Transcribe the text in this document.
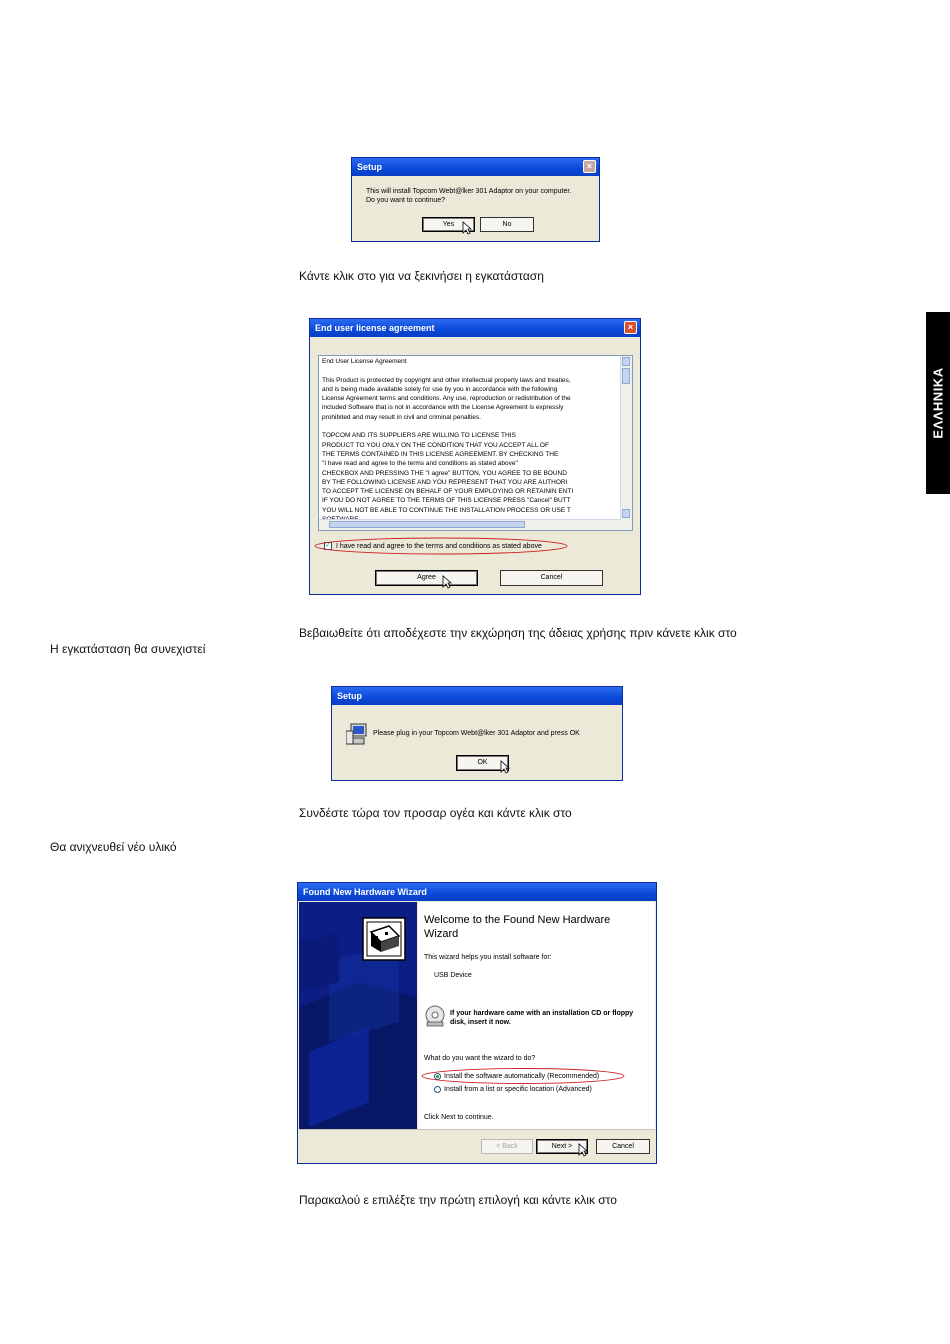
ΕΛΛΗΝΙΚΑ
Setup	×
This will install Topcom Webt@lker 301 Adaptor on your computer.
Do you want to continue?
Yes	No
Κάντε κλικ στο για να ξεκινήσει η εγκατάσταση
End user license agreement	×
End User License Agreement

This Product is protected by copyright and other intellectual property laws and treaties,
and is being made available solely for use by you in accordance with the following
License Agreement terms and conditions. Any use, reproduction or redistribution of the
included Software that is not in accordance with the License Agreement is expressly
prohibited and may result in civil and criminal penalties.

TOPCOM AND ITS SUPPLIERS ARE WILLING TO LICENSE THIS
PRODUCT TO YOU ONLY ON THE CONDITION THAT YOU ACCEPT ALL OF
THE TERMS CONTAINED IN THIS LICENSE AGREEMENT. BY CHECKING THE
"I have read and agree to the terms and conditions as stated above"
CHECKBOX AND PRESSING THE "I agree" BUTTON, YOU AGREE TO BE BOUND
BY THE FOLLOWING LICENSE AND YOU REPRESENT THAT YOU ARE AUTHORI
TO ACCEPT THE LICENSE ON BEHALF OF YOUR EMPLOYING OR RETAININ ENTI
IF YOU DO NOT AGREE TO THE TERMS OF THIS LICENSE PRESS "Cancel" BUTT
YOU WILL NOT BE ABLE TO CONTINUE THE INSTALLATION PROCESS OR USE T
✓ I have read and agree to the terms and conditions as stated above
Agree	Cancel
Βεβαιωθείτε ότι αποδέχεστε την εκχώρηση της άδειας χρήσης πριν κάνετε κλικ στο
Η εγκατάσταση θα συνεχιστεί
Setup
Please plug in your Topcom Webt@lker 301 Adaptor and press OK
OK
Συνδέστε τώρα τον προσαρ ογέα και κάντε κλικ στο
Θα ανιχνευθεί νέο υλικό
Found New Hardware Wizard
Welcome to the Found New Hardware Wizard
This wizard helps you install software for:
USB Device
If your hardware came with an installation CD or floppy disk, insert it now.
What do you want the wizard to do?
Install the software automatically (Recommended)
Install from a list or specific location (Advanced)
Click Next to continue.
< Back	Next >	Cancel
Παρακαλού ε επιλέξτε την πρώτη επιλογή και κάντε κλικ στο
